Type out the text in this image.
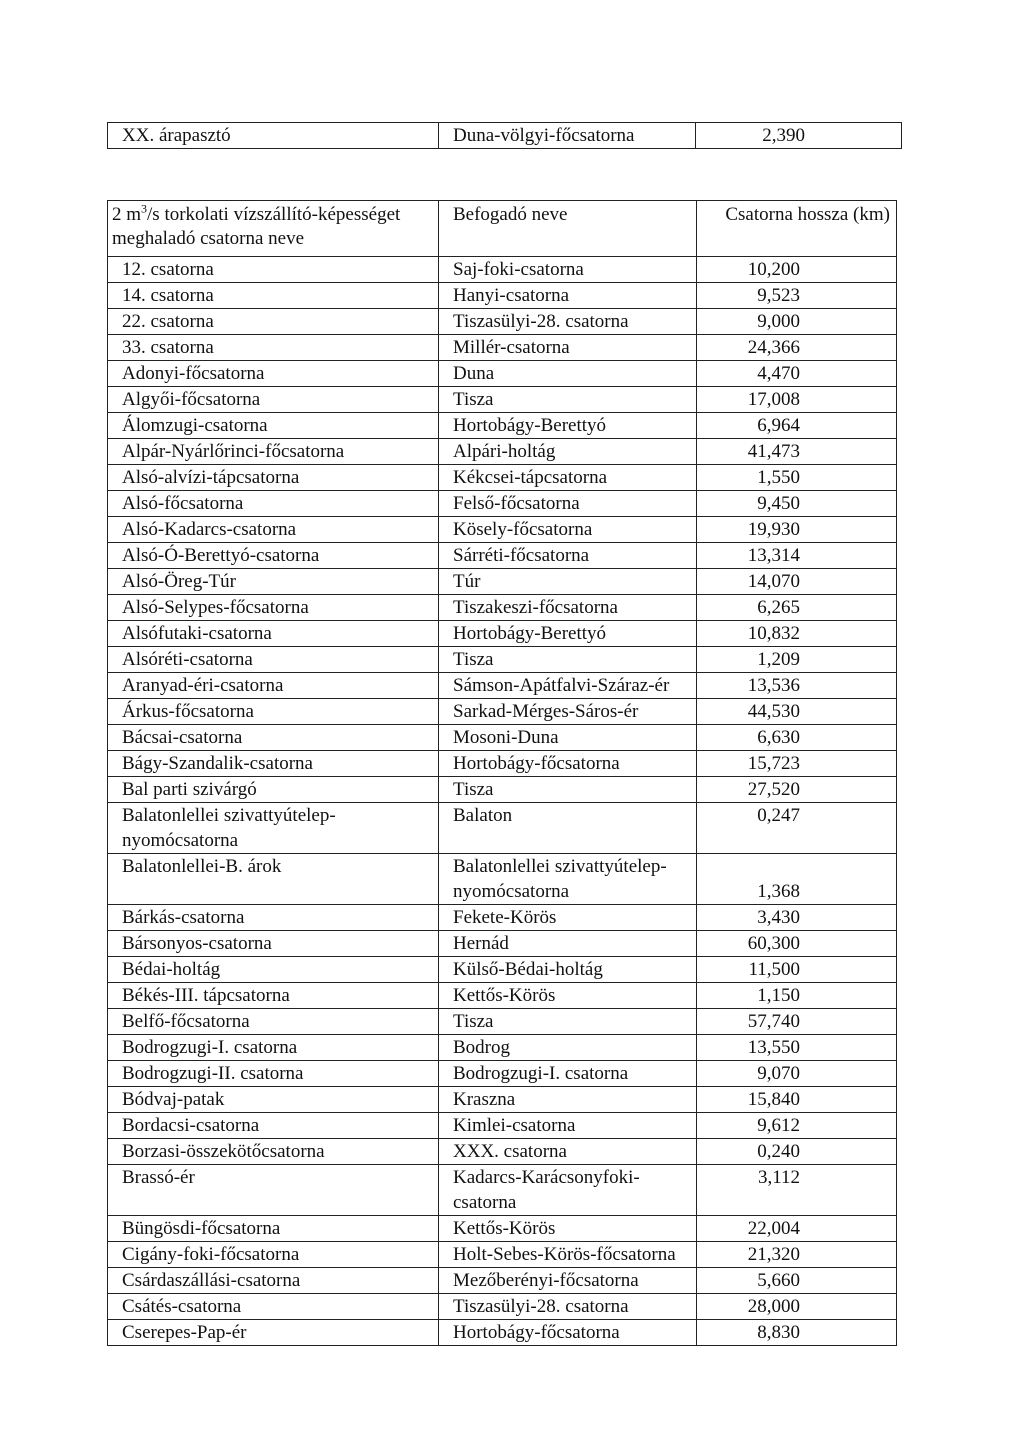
XX. árapasztó	Duna-völgyi-főcsatorna	2,390
2 $m^3/s$ torkolati vízszállító-képességet meghaladó csatorna neve	Befogadó neve	Csatorna hossza (km)
12. csatorna	Saj-foki-csatorna	10,200
14. csatorna	Hanyi-csatorna	9,523
22. csatorna	Tiszasülyi-28. csatorna	9,000
33. csatorna	Millér-csatorna	24,366
Adonyi-főcsatorna	Duna	4,470
Algyői-főcsatorna	Tisza	17,008
Álomzugi-csatorna	Hortobágy-Berettyó	6,964
Alpár-Nyárlőrinci-főcsatorna	Alpári-holtág	41,473
Alsó-alvízi-tápcsatorna	Kékcsei-tápcsatorna	1,550
Alsó-főcsatorna	Felső-főcsatorna	9,450
Alsó-Kadarcs-csatorna	Kösely-főcsatorna	19,930
Alsó-Ó-Berettyó-csatorna	Sárréti-főcsatorna	13,314
Alsó-Öreg-Túr	Túr	14,070
Alsó-Selypes-főcsatorna	Tiszakeszi-főcsatorna	6,265
Alsófutaki-csatorna	Hortobágy-Berettyó	10,832
Alsóréti-csatorna	Tisza	1,209
Aranyad-éri-csatorna	Sámson-Apátfalvi-Száraz-ér	13,536
Árkus-főcsatorna	Sarkad-Mérges-Sáros-ér	44,530
Bácsai-csatorna	Mosoni-Duna	6,630
Bágy-Szandalik-csatorna	Hortobágy-főcsatorna	15,723
Bal parti szivárgó	Tisza	27,520
Balatonlellei szivattyútelep-nyomócsatorna	Balaton	0,247
Balatonlellei-B. árok	Balatonlellei szivattyútelep-nyomócsatorna	1,368
Bárkás-csatorna	Fekete-Körös	3,430
Bársonyos-csatorna	Hernád	60,300
Bédai-holtág	Külső-Bédai-holtág	11,500
Békés-III. tápcsatorna	Kettős-Körös	1,150
Belfő-főcsatorna	Tisza	57,740
Bodrogzugi-I. csatorna	Bodrog	13,550
Bodrogzugi-II. csatorna	Bodrogzugi-I. csatorna	9,070
Bódvaj-patak	Kraszna	15,840
Bordacsi-csatorna	Kimlei-csatorna	9,612
Borzasi-összekötőcsatorna	XXX. csatorna	0,240
Brassó-ér	Kadarcs-Karácsonyfoki-csatorna	3,112
Büngösdi-főcsatorna	Kettős-Körös	22,004
Cigány-foki-főcsatorna	Holt-Sebes-Körös-főcsatorna	21,320
Csárdaszállási-csatorna	Mezőberényi-főcsatorna	5,660
Csátés-csatorna	Tiszasülyi-28. csatorna	28,000
Cserepes-Pap-ér	Hortobágy-főcsatorna	8,830
